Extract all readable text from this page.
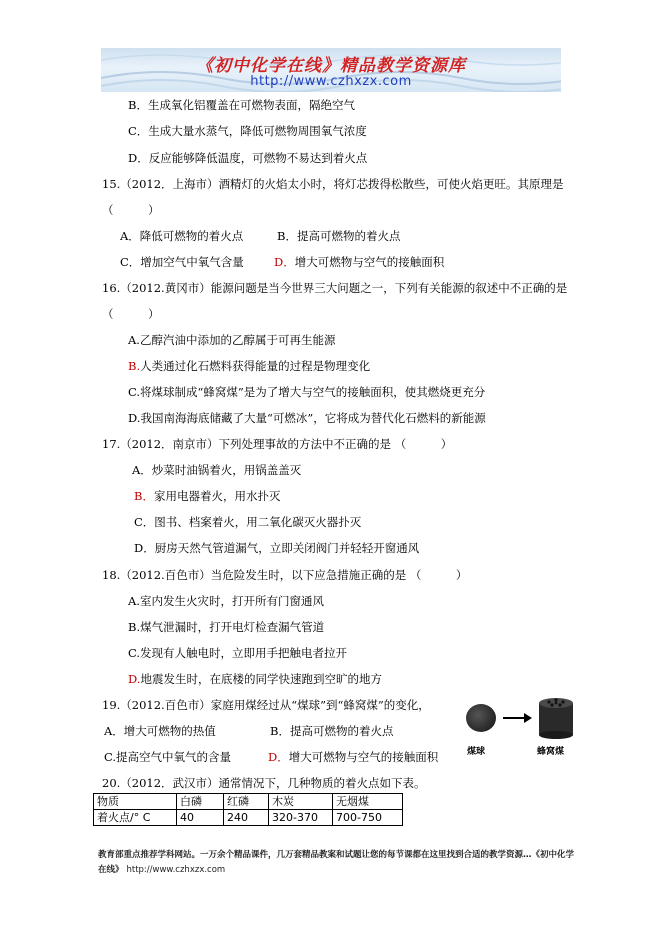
《初中化学在线》精品教学资源库
http://www.czhxzx.com
B．生成氧化铝覆盖在可燃物表面，隔绝空气
C．生成大量水蒸气，降低可燃物周围氧气浓度
D．反应能够降低温度，可燃物不易达到着火点
15.（2012．上海市）酒精灯的火焰太小时，将灯芯拨得松散些，可使火焰更旺。其原理是
（　　　）
A．降低可燃物的着火点	B．提高可燃物的着火点
C．增加空气中氧气含量	D．增大可燃物与空气的接触面积
16.（2012.黄冈市）能源问题是当今世界三大问题之一，下列有关能源的叙述中不正确的是
（　　　）
A.乙醇汽油中添加的乙醇属于可再生能源
B.人类通过化石燃料获得能量的过程是物理变化
C.将煤球制成“蜂窝煤”是为了增大与空气的接触面积，使其燃烧更充分
D.我国南海海底储藏了大量“可燃冰”，它将成为替代化石燃料的新能源
17.（2012．南京市）下列处理事故的方法中不正确的是 （　　　）
A．炒菜时油锅着火，用锅盖盖灭
B．家用电器着火，用水扑灭
C．图书、档案着火，用二氧化碳灭火器扑灭
D．厨房天然气管道漏气，立即关闭阀门并轻轻开窗通风
18.（2012.百色市）当危险发生时，以下应急措施正确的是 （　　　）
A.室内发生火灾时，打开所有门窗通风
B.煤气泄漏时，打开电灯检查漏气管道
C.发现有人触电时，立即用手把触电者拉开
D.地震发生时，在底楼的同学快速跑到空旷的地方
19.（2012.百色市）家庭用煤经过从“煤球”到“蜂窝煤”的变化，
A．增大可燃物的热值	B．提高可燃物的着火点
C.提高空气中氧气的含量	D．增大可燃物与空气的接触面积	煤球	蜂窝煤
20.（2012．武汉市）通常情况下，几种物质的着火点如下表。
物质	白磷	红磷	木炭	无烟煤
着火点/° C	40	240	320-370	700-750
教育部重点推荐学科网站。一万余个精品课件，几万套精品教案和试题让您的每节课都在这里找到合适的教学资源…《初中化学在线》 http://www.czhxzx.com
